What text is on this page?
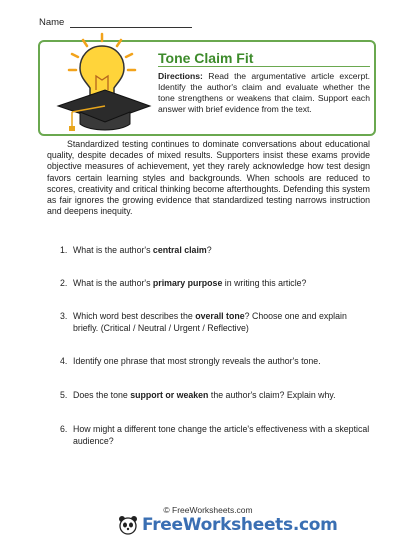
Name
Tone Claim Fit
Directions: Read the argumentative article excerpt. Identify the author's claim and evaluate whether the tone strengthens or weakens that claim. Support each answer with brief evidence from the text.
Standardized testing continues to dominate conversations about educational quality, despite decades of mixed results. Supporters insist these exams provide objective measures of achievement, yet they rarely acknowledge how test design favors certain learning styles and backgrounds. When schools are reduced to scores, creativity and critical thinking become afterthoughts. Defending this system as fair ignores the growing evidence that standardized testing narrows instruction and deepens inequity.
1. What is the author's central claim?
2. What is the author's primary purpose in writing this article?
3. Which word best describes the overall tone? Choose one and explain briefly. (Critical / Neutral / Urgent / Reflective)
4. Identify one phrase that most strongly reveals the author's tone.
5. Does the tone support or weaken the author's claim? Explain why.
6. How might a different tone change the article's effectiveness with a skeptical audience?
© FreeWorksheets.com
FreeWorksheets.com
